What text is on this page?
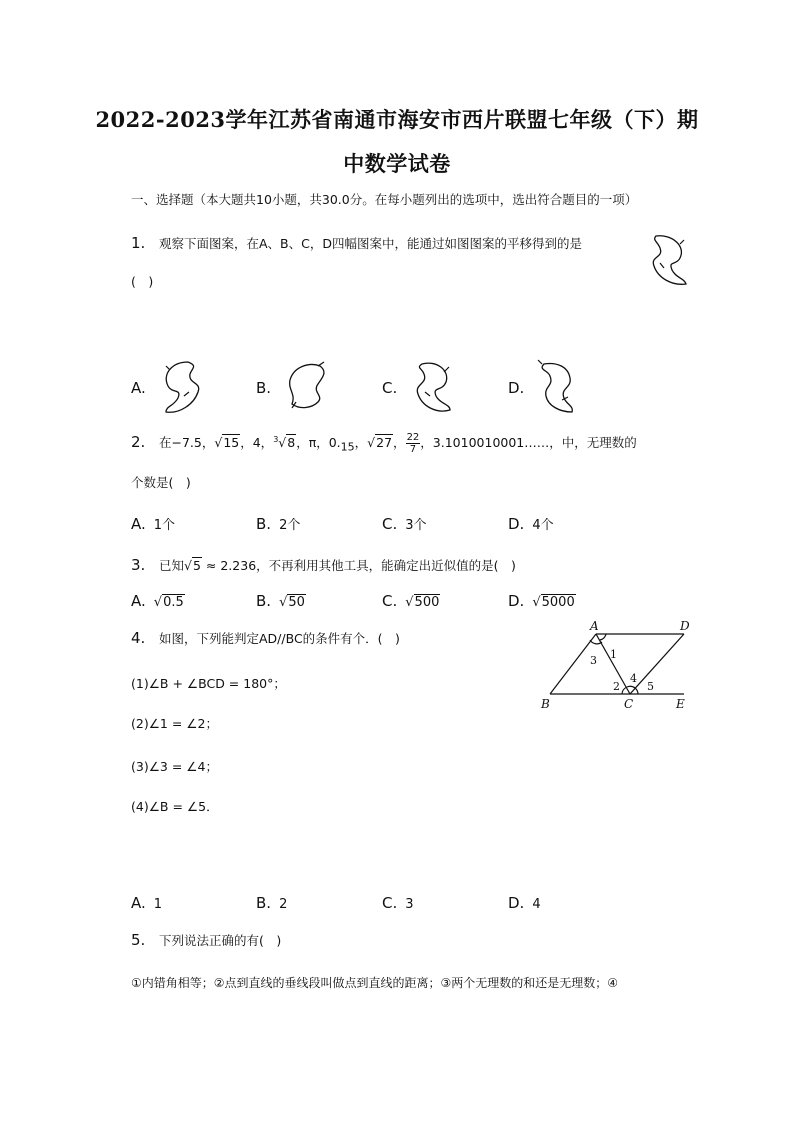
2022-2023学年江苏省南通市海安市西片联盟七年级（下）期
中数学试卷
一、选择题（本大题共10小题，共30.0分。在每小题列出的选项中，选出符合题目的一项）
1. 观察下面图案，在A、B、C，D四幅图案中，能通过如图图案的平移得到的是
(　)
A.	B.	C.	D.
2. 在−7.5，√15，4，$^3$√8，π，$0._{15}$，√27， $\frac{22}{7}$ ，3.1010010001……，中，无理数的
个数是(　)
A. 1个	B. 2个	C. 3个	D. 4个
3. 已知√5 ≈ 2.236，不再利用其他工具，能确定出近似值的是(　)
A. √0.5	B. √50	C. √500	D. √5000
4. 如图，下列能判定AD//BC的条件有个．(　)
(1)∠B + ∠BCD = 180°；
(2)∠1 = ∠2；
(3)∠3 = ∠4；
(4)∠B = ∠5．
A	D
B	C	E
1
3
2
4
5
A. 1	B. 2	C. 3	D. 4
5. 下列说法正确的有(　)
①内错角相等；②点到直线的垂线段叫做点到直线的距离；③两个无理数的和还是无理数；④
